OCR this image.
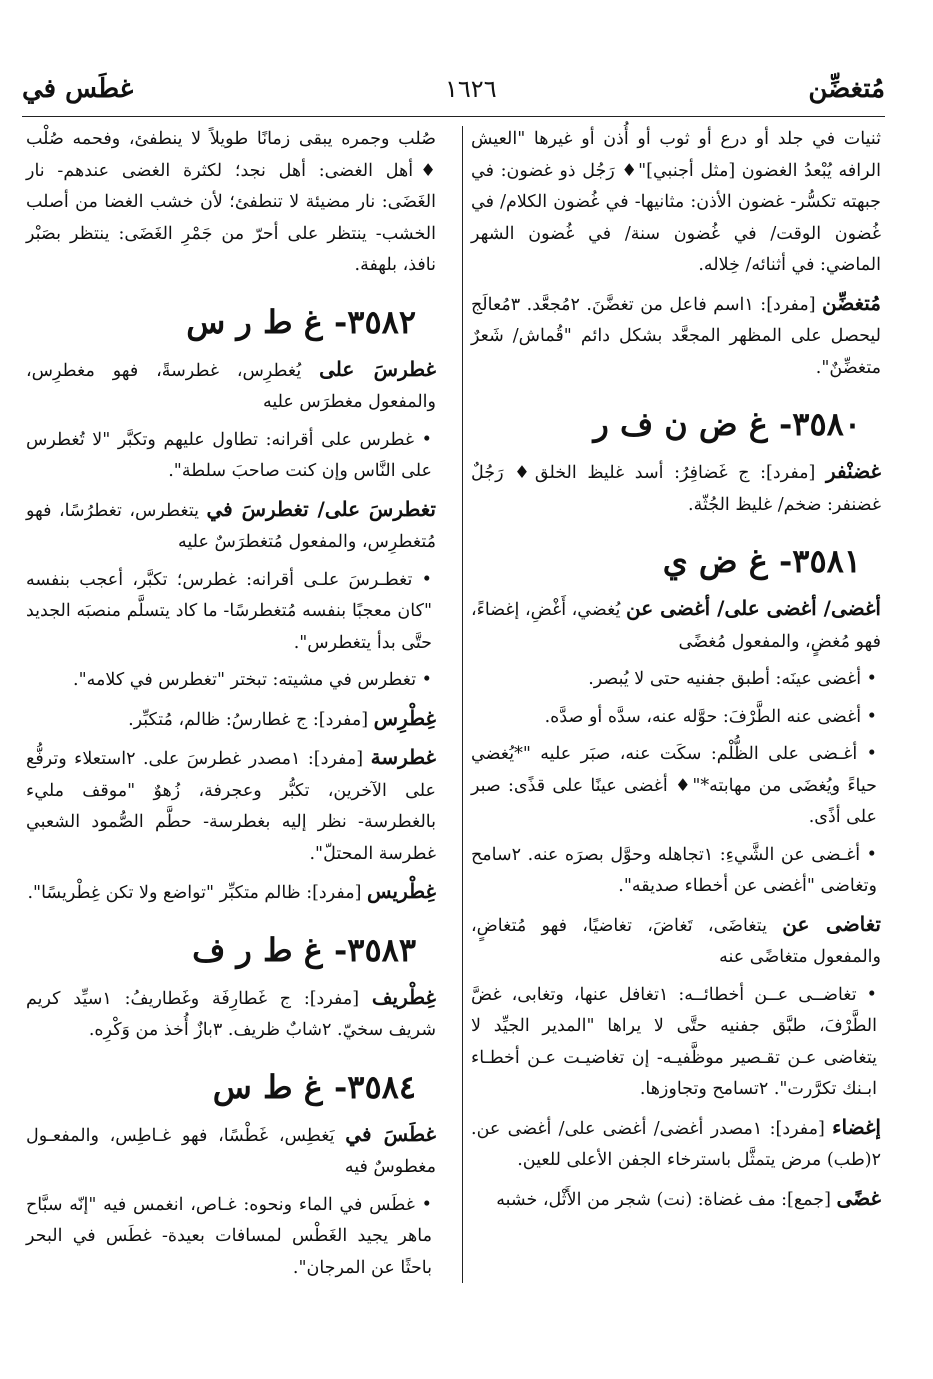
مُتغضِّن
١٦٢٦
غطَس في

ثنيات في جلد أو درع أو ثوب أو أُذن أو غيرها "العيش الرافه يُبْعدُ الغضون [مثل أجنبي]"♦ رَجُل ذو غضون: في جبهته تكسُّر- غضون الأذن: مثانيها- في غُضون الكلام/ في غُضون الوقت/ في غُضون سنة/ في غُضون الشهر الماضي: في أثنائه/ خِلاله.

مُتغضِّن [مفرد]: ١اسم فاعل من تغضَّنَ. ٢مُجعَّد. ٣مُعالَج ليحصل على المظهر المجعَّد بشكل دائم "قُماش/ شَعرٌ متغضِّنٌ".

٣٥٨٠- غ ض ن ف ر

غضنْفر [مفرد]: ج غَضافِرُ: أسد غليظ الخلق♦ رَجُلٌ غضنفر: ضخم/ غليظ الجُثّة.

٣٥٨١- غ ض ي

أغضى/ أغضى على/ أغضى عن يُغضي، أَغْضِ، إغضاءً، فهو مُغضٍ، والمفعول مُغضًى

• أغضى عينَه: أطبق جفنيه حتى لا يُبصر.

• أغضى عنه الطَّرْفَ: حوَّله عنه، سدَّه أو صدَّه.

• أغـضى على الظُّلْم: سكَت عنه، صبَر عليه "*يُغضي حياءً ويُغضَى من مهابته*"♦ أغضى عينًا على قذًى: صبر على أذًى.

• أغـضى عن الشَّيءِ: ١تجاهله وحوَّل بصرَه عنه. ٢سامح وتغاضى "أغضى عن أخطاء صديقه".

تغاضى عن يتغاضَى، تَغاضَ، تغاضيًا، فهو مُتغاضٍ، والمفعول متغاضًى عنه

• تغاضــى عــن أخطائــه: ١تغافل عنها، وتغابى، غضَّ الطَّرْفَ، طبَّق جفنيه حتَّى لا يراها "المدير الجيِّد لا يتغاضى عـن تقـصير موظَّفيـه- إن تغاضيـت عـن أخطـاء ابـنك تكرَّرت". ٢تسامح وتجاوزها.

إغضاء [مفرد]: ١مصدر أغضى/ أغضى على/ أغضى عن. ٢(طب) مرض يتمثَّل باسترخاء الجفن الأعلى للعين.

غضًى [جمع]: مف غضاة: (نت) شجر من الأَثْل، خشبه

صُلب وجمره يبقى زمانًا طويلاً لا ينطفئ، وفحمه صُلْب ♦أهل الغضى: أهل نجد؛ لكثرة الغضى عندهم- نار الغَضَى: نار مضيئة لا تنطفئ؛ لأن خشب الغضا من أصلب الخشب- ينتظر على أحرّ من جَمْرِ الغَضَى: ينتظر بصَبْر نافذ، بلهفة.

٣٥٨٢- غ ط ر س

غطرسَ على يُغطرِس، غطرسةً، فهو مغطرِس، والمفعول مغطرَس عليه

• غطرس على أقرانه: تطاول عليهم وتكبَّر "لا تُغطرس على النَّاس وإن كنت صاحبَ سلطة".

تغطرسَ على/ تغطرسَ في يتغطرس، تغطرُسًا، فهو مُتغطرِس، والمفعول مُتغطرَسٌ عليه

• تغطـرسَ علـى أقرانه: غطرس؛ تكبَّر، أعجب بنفسه "كان معجبًا بنفسه مُتغطرسًا- ما كاد يتسلَّم منصبَه الجديد حتَّى بدأ يتغطرس".

• تغطرس في مشيته: تبختر "تغطرس في كلامه".

غِطْرِس [مفرد]: ج غطارسُ: ظالم، مُتكبِّر.

غطرسة [مفرد]: ١مصدر غطرسَ على. ٢استعلاء وترفُّع على الآخرين، تكبُّر وعجرفة، زُهوٌ "موقف مليء بالغطرسة- نظر إليه بغطرسة- حطَّم الصُّمود الشعبي غطرسة المحتلّ".

غِطْريس [مفرد]: ظالم متكبِّر "تواضع ولا تكن غِطْريسًا".

٣٥٨٣- غ ط ر ف

غِطْريف [مفرد]: ج غَطارِفَة وغَطاريفُ: ١سيِّد كريم شريف سخيّ. ٢شابٌ ظريف. ٣بازٌ أُخذ من وَكْرِه.

٣٥٨٤- غ ط س

غطَسَ في يَغطِس، غَطْسًا، فهو غـاطِس، والمفعـول مغطوسٌ فيه

• غطَس في الماء ونحوه: غـاص، انغمس فيه "إنّه سبَّاح ماهر يجيد الغَطْس لمسافات بعيدة- غطَس في البحر باحثًا عن المرجان".
